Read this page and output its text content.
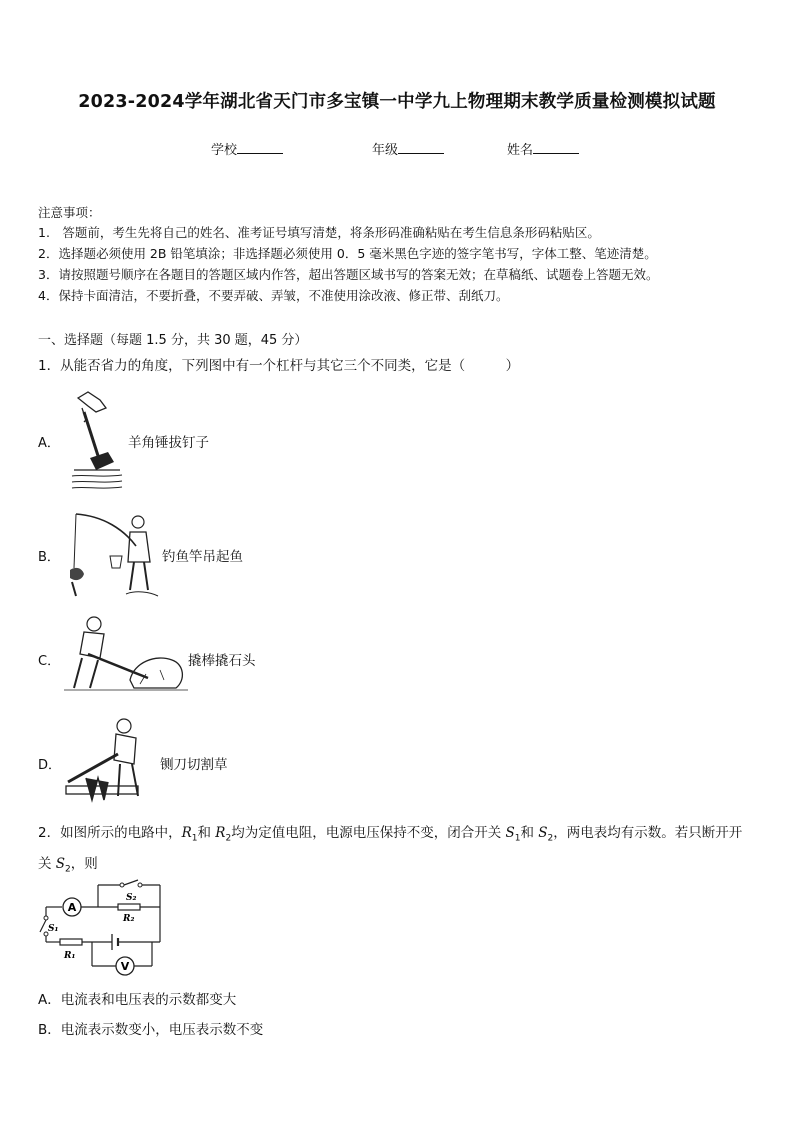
2023-2024学年湖北省天门市多宝镇一中学九上物理期末教学质量检测模拟试题
学校	年级	姓名
注意事项：
1.　答题前，考生先将自己的姓名、准考证号填写清楚，将条形码准确粘贴在考生信息条形码粘贴区。
2．选择题必须使用 2B 铅笔填涂；非选择题必须使用 0．5 毫米黑色字迹的签字笔书写，字体工整、笔迹清楚。
3．请按照题号顺序在各题目的答题区域内作答，超出答题区域书写的答案无效；在草稿纸、试题卷上答题无效。
4．保持卡面清洁，不要折叠，不要弄破、弄皱，不准使用涂改液、修正带、刮纸刀。
一、选择题（每题 1.5 分，共 30 题，45 分）
1．从能否省力的角度，下列图中有一个杠杆与其它三个不同类，它是（　　　）
A．	羊角锤拔钉子
B．	钓鱼竿吊起鱼
C．	撬棒撬石头
D．	铡刀切割草
2．如图所示的电路中，$R_1$和 $R_2$均为定值电阻，电源电压保持不变，闭合开关 $S_1$和 $S_2$，两电表均有示数。若只断开开
关 $S_2$，则
A
S₂
R₂
S₁
R₁
V
A．电流表和电压表的示数都变大
B．电流表示数变小，电压表示数不变
